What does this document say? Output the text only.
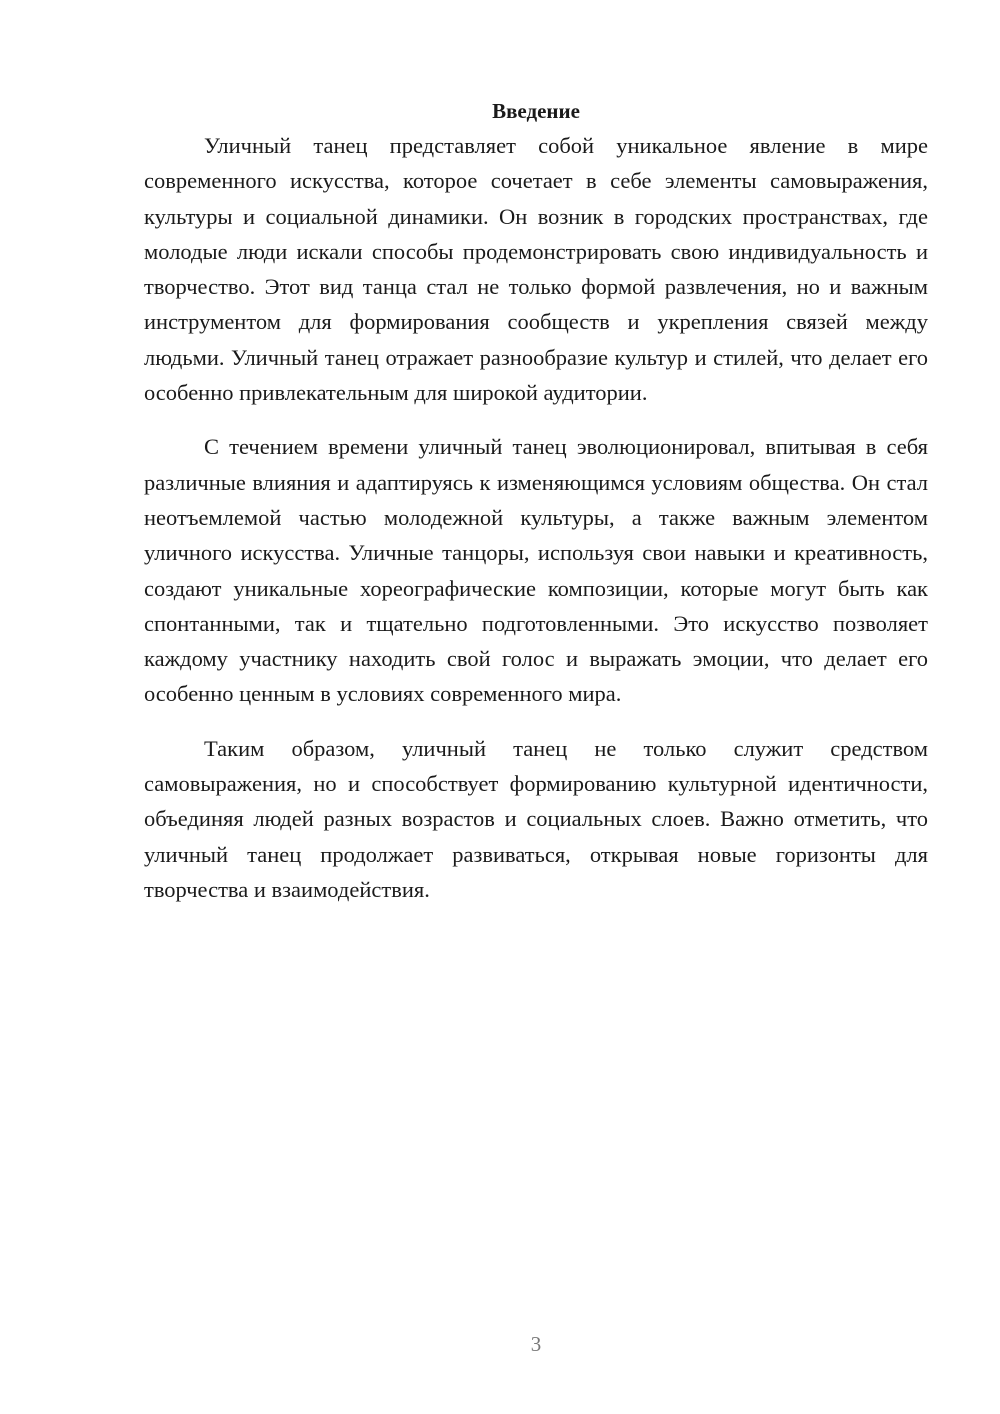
Введение

Уличный танец представляет собой уникальное явление в мире современного искусства, которое сочетает в себе элементы самовыражения, культуры и социальной динамики. Он возник в городских пространствах, где молодые люди искали способы продемонстрировать свою индивидуальность и творчество. Этот вид танца стал не только формой развлечения, но и важным инструментом для формирования сообществ и укрепления связей между людьми. Уличный танец отражает разнообразие культур и стилей, что делает его особенно привлекательным для широкой аудитории.

С течением времени уличный танец эволюционировал, впитывая в себя различные влияния и адаптируясь к изменяющимся условиям общества. Он стал неотъемлемой частью молодежной культуры, а также важным элементом уличного искусства. Уличные танцоры, используя свои навыки и креативность, создают уникальные хореографические композиции, которые могут быть как спонтанными, так и тщательно подготовленными. Это искусство позволяет каждому участнику находить свой голос и выражать эмоции, что делает его особенно ценным в условиях современного мира.

Таким образом, уличный танец не только служит средством самовыражения, но и способствует формированию культурной идентичности, объединяя людей разных возрастов и социальных слоев. Важно отметить, что уличный танец продолжает развиваться, открывая новые горизонты для творчества и взаимодействия.

3
